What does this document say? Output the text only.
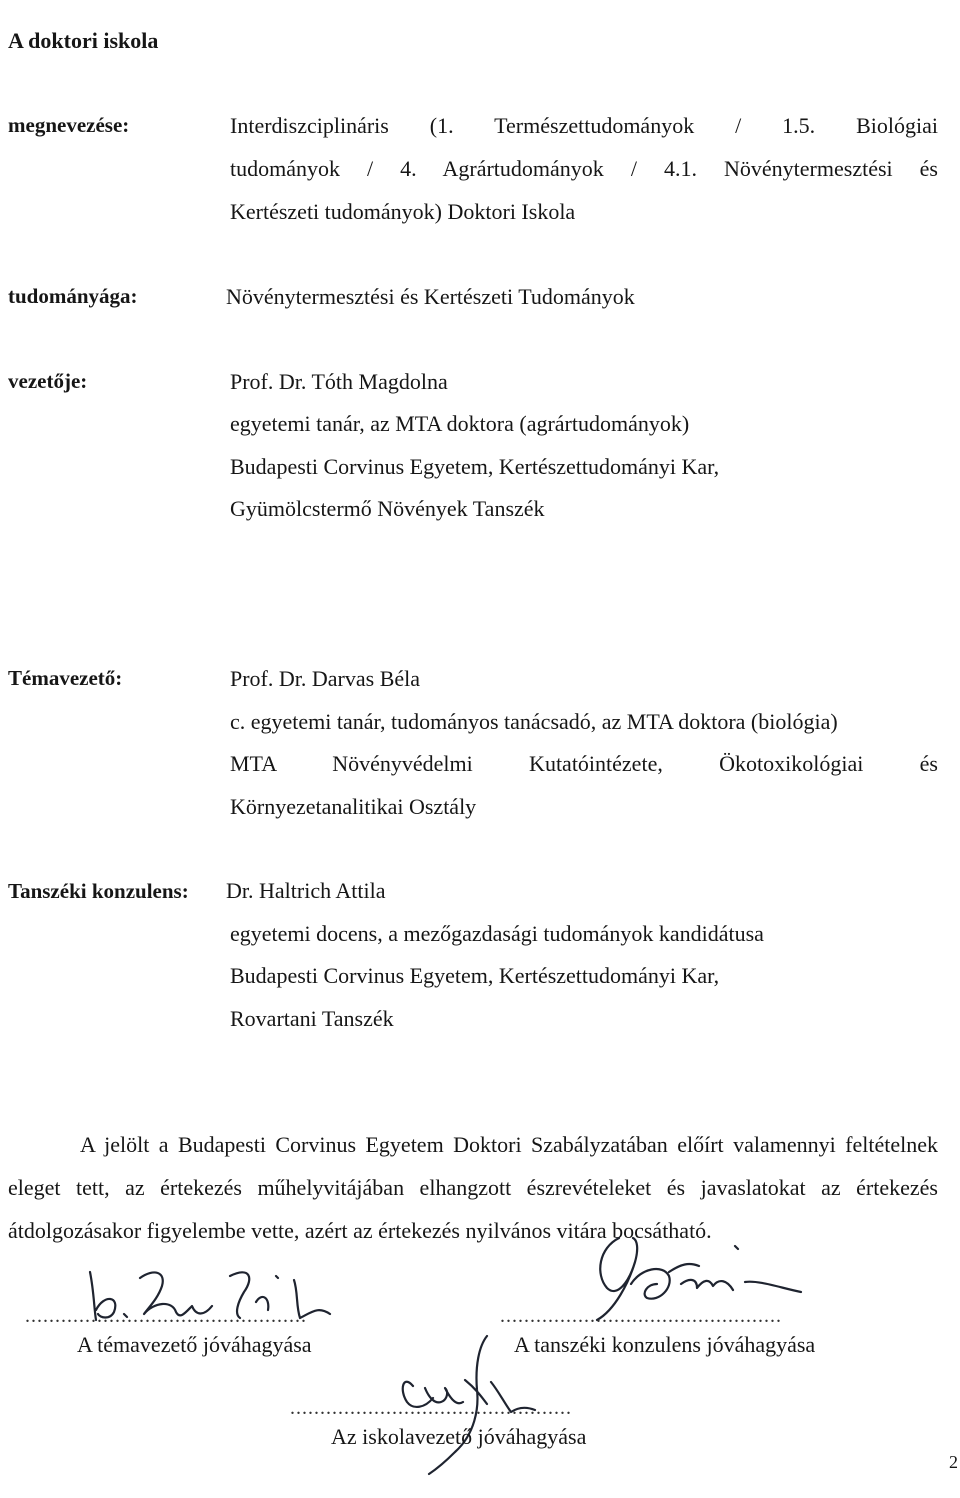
A doktori iskola
megnevezése:	Interdiszciplináris (1. Természettudományok / 1.5. Biológiai
tudományok / 4. Agrártudományok / 4.1. Növénytermesztési és
Kertészeti tudományok) Doktori Iskola
tudományága:	Növénytermesztési és Kertészeti Tudományok
vezetője:	Prof. Dr. Tóth Magdolna
egyetemi tanár, az MTA doktora (agrártudományok)
Budapesti Corvinus Egyetem, Kertészettudományi Kar,
Gyümölcstermő Növények Tanszék
Témavezető:	Prof. Dr. Darvas Béla
c. egyetemi tanár, tudományos tanácsadó, az MTA doktora (biológia)
MTA Növényvédelmi Kutatóintézete, Ökotoxikológiai és
Környezetanalitikai Osztály
Tanszéki konzulens: Dr. Haltrich Attila
egyetemi docens, a mezőgazdasági tudományok kandidátusa
Budapesti Corvinus Egyetem, Kertészettudományi Kar,
Rovartani Tanszék
A jelölt a Budapesti Corvinus Egyetem Doktori Szabályzatában előírt valamennyi feltételnek eleget tett, az értekezés műhelyvitájában elhangzott észrevételeket és javaslatokat az értekezés átdolgozásakor figyelembe vette, azért az értekezés nyilvános vitára bocsátható.
...............................................
A témavezető jóváhagyása
...............................................
A tanszéki konzulens jóváhagyása
...............................................
Az iskolavezető jóváhagyása
2
